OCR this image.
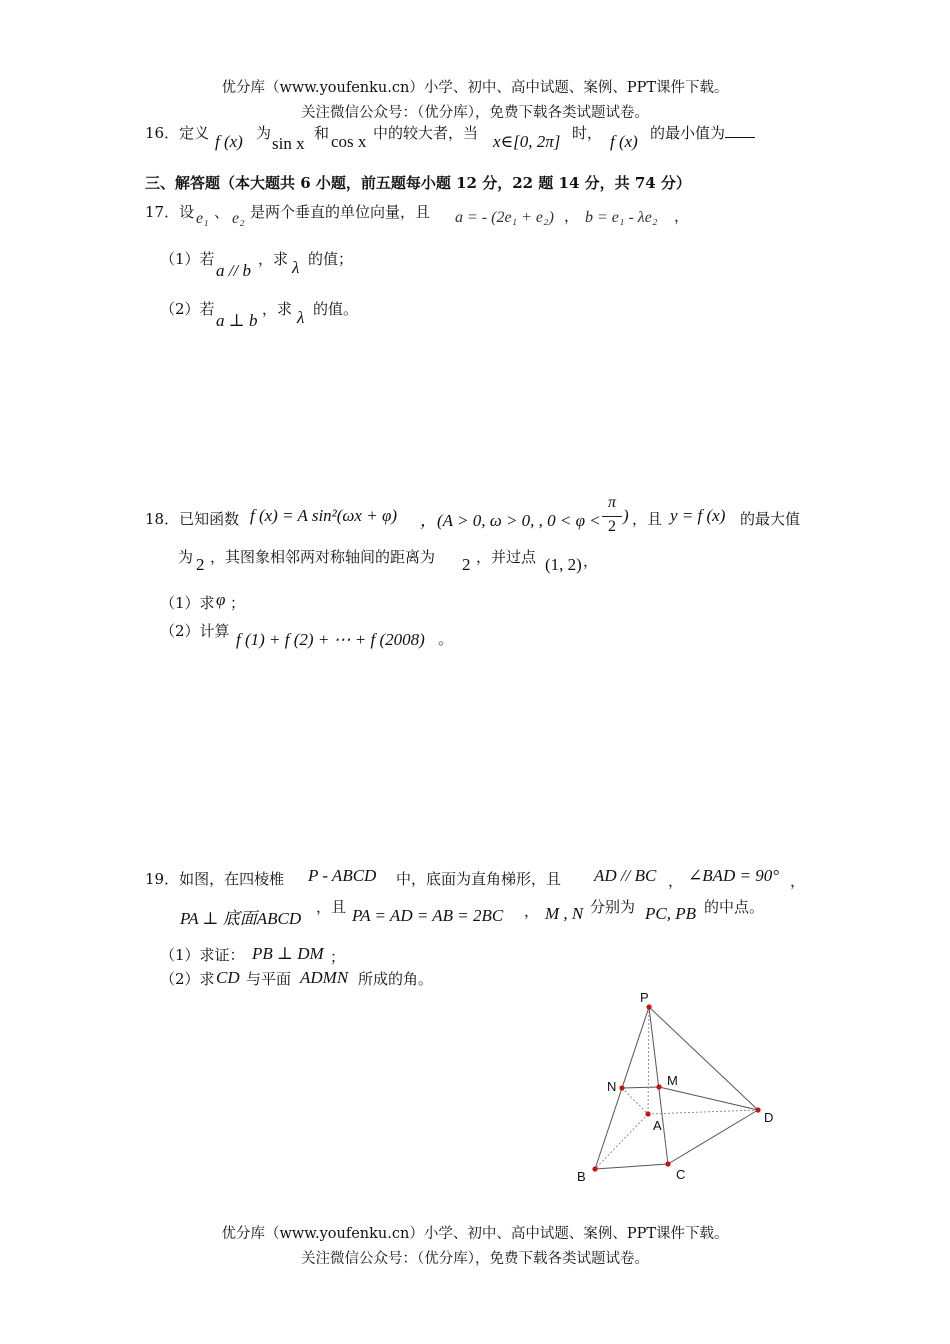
优分库（www.youfenku.cn）小学、初中、高中试题、案例、PPT课件下载。
关注微信公众号：（优分库），免费下载各类试题试卷。
16．定义 f (x) 为
sin x
和 cos x 中的较大者，当 x∈[0, 2π] 时， f (x) 的最小值为
三、解答题（本大题共 6 小题，前五题每小题 12 分，22 题 14 分，共 74 分）
17．设 e₁ 、 e₂ 是两个垂直的单位向量，且 a = - (2e₁ + e₂) ， b = e₁ - λe₂ ，
（1）若
a // b
，求 λ 的值；
（2）若
a ⊥ b
，求 λ 的值。
18．已知函数 f (x) = A sin²(ωx + φ) ，(A > 0, ω > 0, , 0 < φ <
π
2
) ，且 y = f (x) 的最大值
为 2 ，其图象相邻两对称轴间的距离为 2 ，并过点 (1, 2) ，
（1）求 φ ；
（2）计算 f (1) + f (2) + ⋯ + f (2008) 。
19．如图，在四棱椎 P - ABCD 中，底面为直角梯形，且 AD // BC ， ∠BAD = 90° ，
PA ⊥ 底面ABCD
，且 PA = AD = AB = 2BC ， M , N 分别为 PC, PB 的中点。
（1）求证： PB ⊥ DM ；
（2）求 CD 与平面 ADMN 所成的角。
P
N	M
A
D
B	C
优分库（www.youfenku.cn）小学、初中、高中试题、案例、PPT课件下载。
关注微信公众号：（优分库），免费下载各类试题试卷。
